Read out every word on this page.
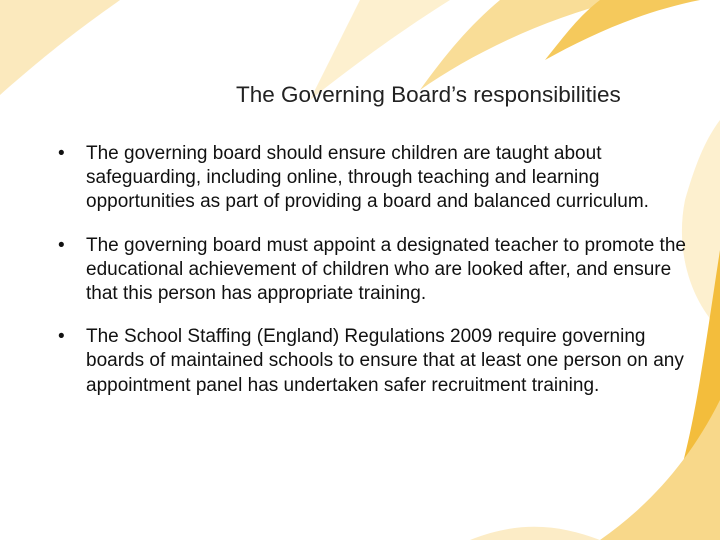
The Governing Board’s responsibilities
• The governing board should ensure children are taught about safeguarding, including online, through teaching and learning opportunities as part of providing a board and balanced curriculum.
• The governing board must appoint a designated teacher to promote the educational achievement of children who are looked after, and ensure that this person has appropriate training.
• The School Staffing (England) Regulations 2009 require governing boards of maintained schools to ensure that at least one person on any appointment panel has undertaken safer recruitment training.
